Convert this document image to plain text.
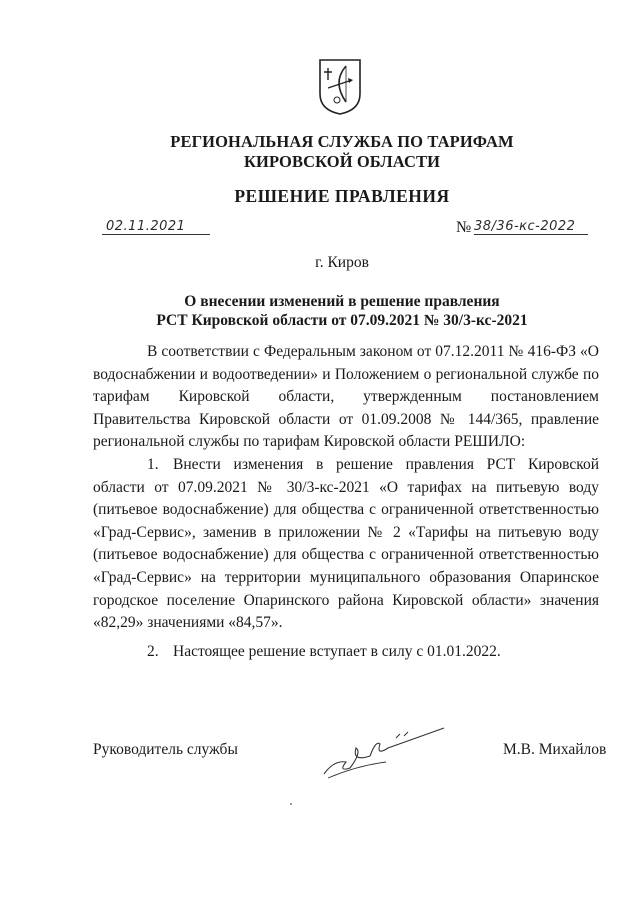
РЕГИОНАЛЬНАЯ СЛУЖБА ПО ТАРИФАМ
КИРОВСКОЙ ОБЛАСТИ
РЕШЕНИЕ ПРАВЛЕНИЯ
02.11.2021	№ 38/36-кс-2022
г. Киров
О внесении изменений в решение правления
РСТ Кировской области от 07.09.2021 № 30/3-кс-2021

В соответствии с Федеральным законом от 07.12.2011 № 416-ФЗ «О водоснабжении и водоотведении» и Положением о региональной службе по тарифам Кировской области, утвержденным постановлением Правительства Кировской области от 01.09.2008 № 144/365, правление региональной службы по тарифам Кировской области РЕШИЛО:

1. Внести изменения в решение правления РСТ Кировской области от 07.09.2021 № 30/3-кс-2021 «О тарифах на питьевую воду (питьевое водоснабжение) для общества с ограниченной ответственностью «Град-Сервис», заменив в приложении № 2 «Тарифы на питьевую воду (питьевое водоснабжение) для общества с ограниченной ответственностью «Град-Сервис» на территории муниципального образования Опаринское городское поселение Опаринского района Кировской области» значения «82,29» значениями «84,57».
2. Настоящее решение вступает в силу с 01.01.2022.
Руководитель службы	М.В. Михайлов
